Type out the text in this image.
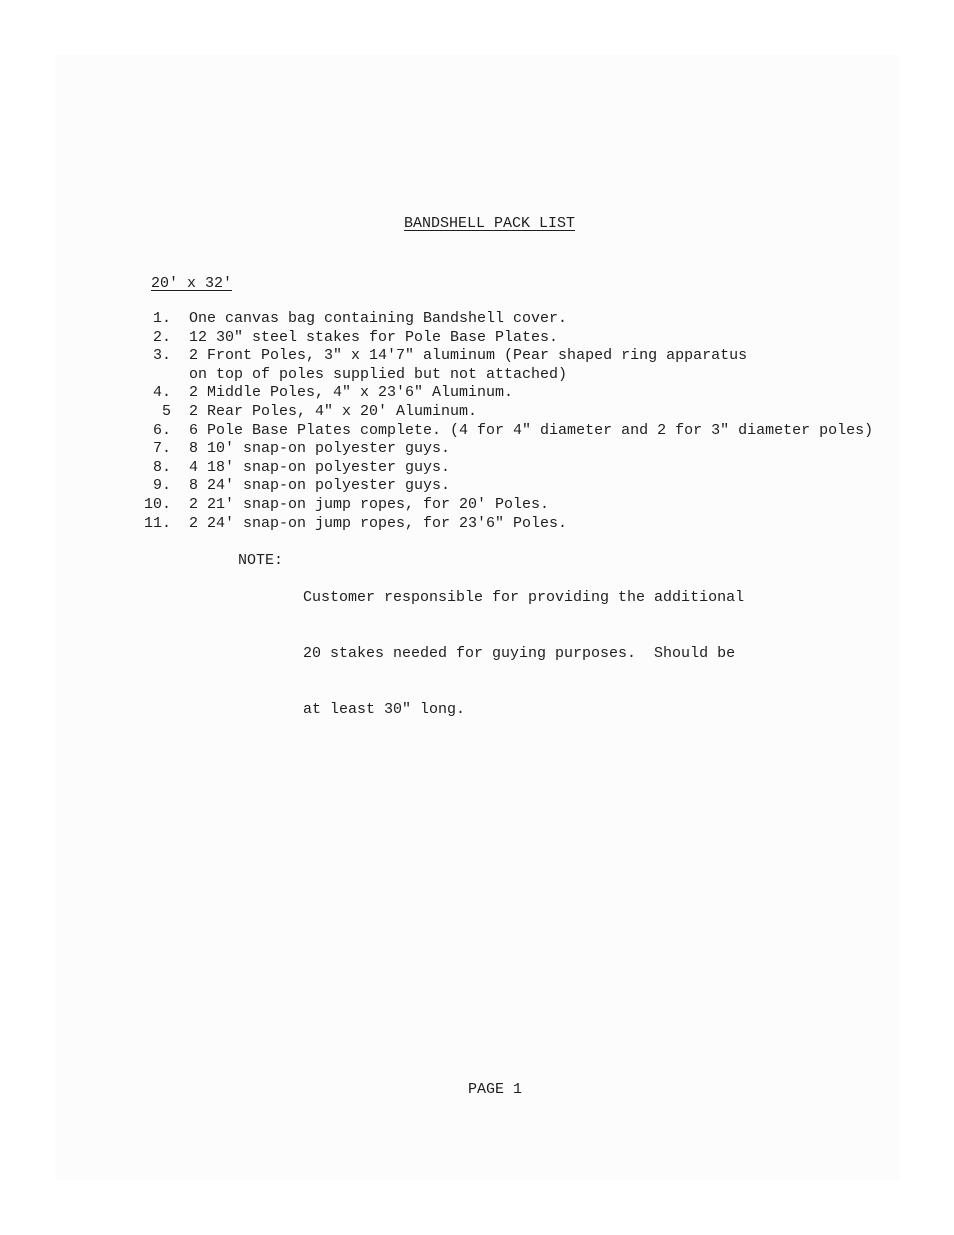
BANDSHELL PACK LIST
20' x 32'
1.	One canvas bag containing Bandshell cover.
2.	12 30" steel stakes for Pole Base Plates.
3.	2 Front Poles, 3" x 14'7" aluminum (Pear shaped ring apparatus
on top of poles supplied but not attached)
4.	2 Middle Poles, 4" x 23'6" Aluminum.
5	2 Rear Poles, 4" x 20' Aluminum.
6.	6 Pole Base Plates complete. (4 for 4" diameter and 2 for 3" diameter poles)
7.	8 10' snap-on polyester guys.
8.	4 18' snap-on polyester guys.
9.	8 24' snap-on polyester guys.
10.	2 21' snap-on jump ropes, for 20' Poles.
11.	2 24' snap-on jump ropes, for 23'6" Poles.
NOTE:

Customer responsible for providing the additional

20 stakes needed for guying purposes.  Should be

at least 30" long.

PAGE 1
